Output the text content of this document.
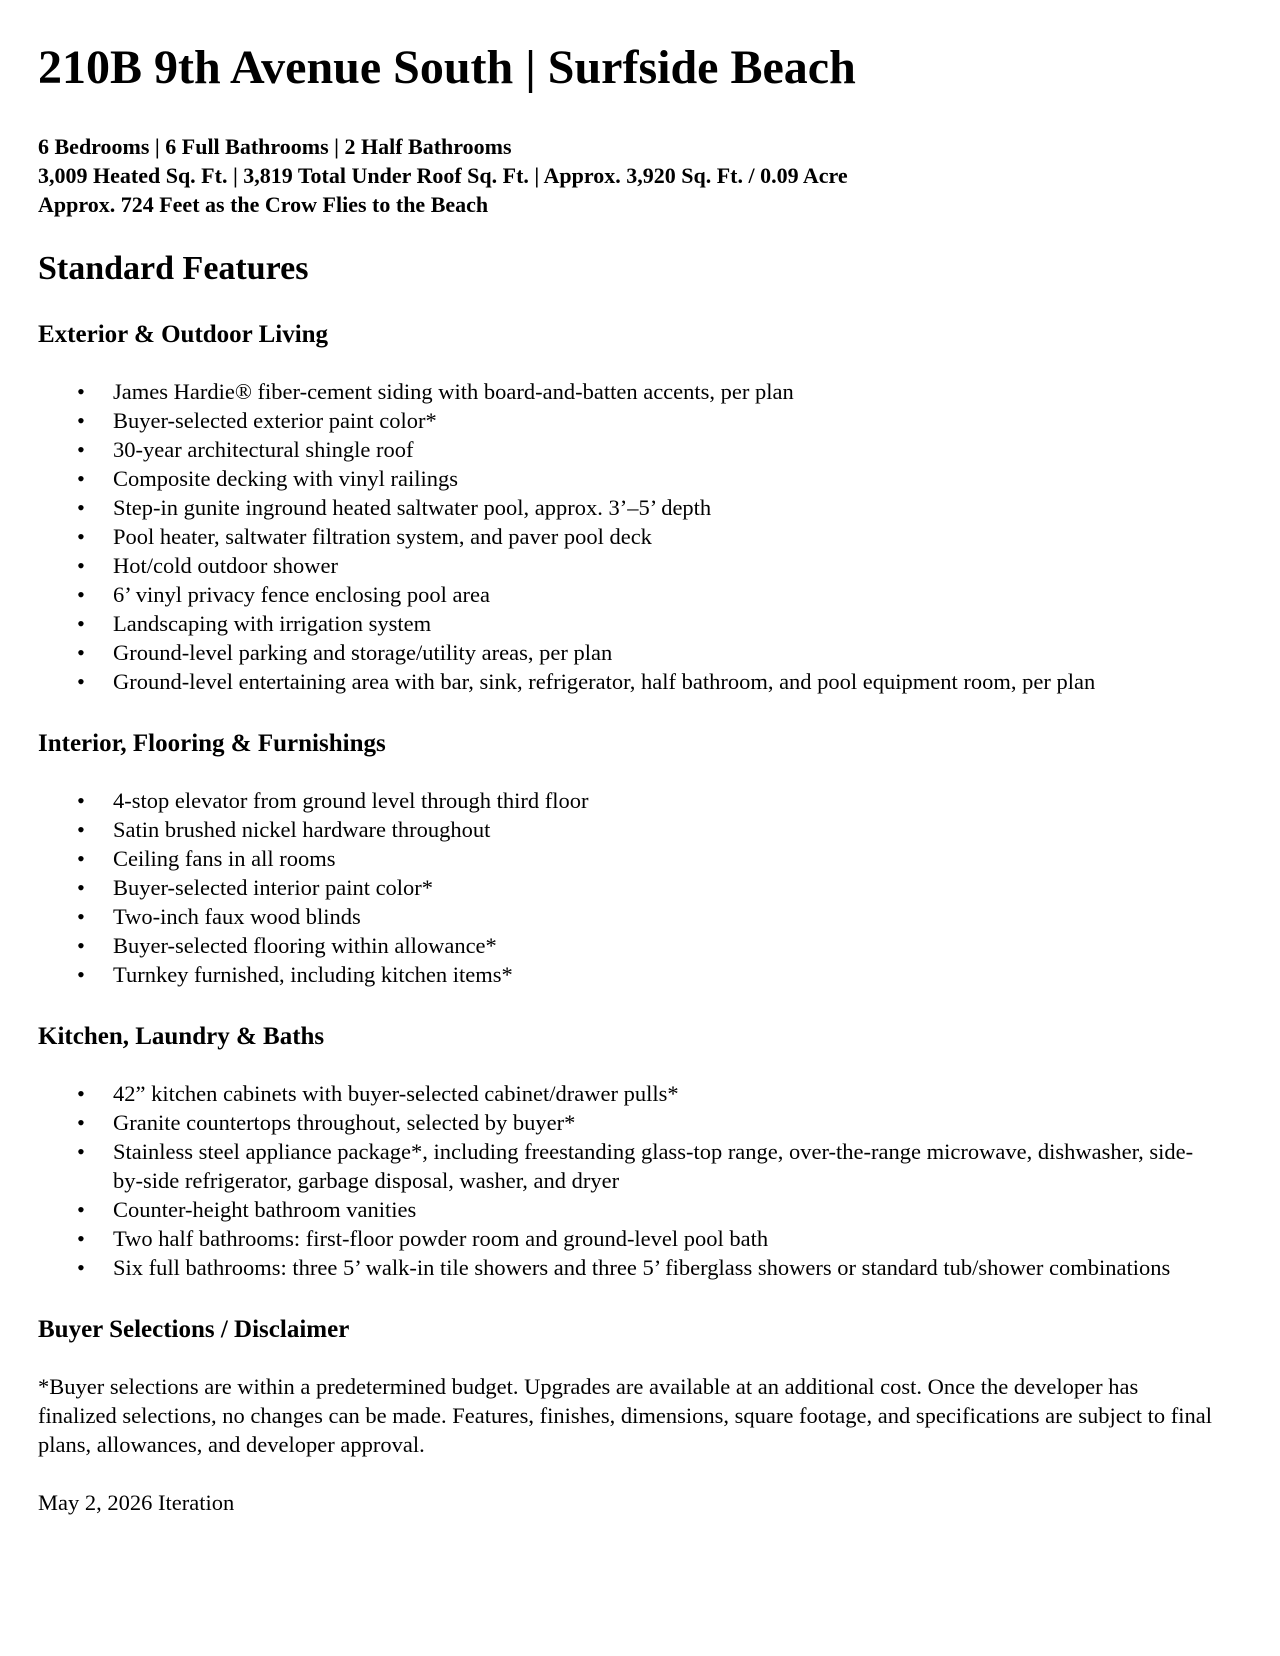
210B 9th Avenue South | Surfside Beach
6 Bedrooms | 6 Full Bathrooms | 2 Half Bathrooms
3,009 Heated Sq. Ft. | 3,819 Total Under Roof Sq. Ft. | Approx. 3,920 Sq. Ft. / 0.09 Acre
Approx. 724 Feet as the Crow Flies to the Beach
Standard Features
Exterior & Outdoor Living
• James Hardie® fiber-cement siding with board-and-batten accents, per plan
• Buyer-selected exterior paint color*
• 30-year architectural shingle roof
• Composite decking with vinyl railings
• Step-in gunite inground heated saltwater pool, approx. 3’–5’ depth
• Pool heater, saltwater filtration system, and paver pool deck
• Hot/cold outdoor shower
• 6’ vinyl privacy fence enclosing pool area
• Landscaping with irrigation system
• Ground-level parking and storage/utility areas, per plan
• Ground-level entertaining area with bar, sink, refrigerator, half bathroom, and pool equipment room, per plan
Interior, Flooring & Furnishings
• 4-stop elevator from ground level through third floor
• Satin brushed nickel hardware throughout
• Ceiling fans in all rooms
• Buyer-selected interior paint color*
• Two-inch faux wood blinds
• Buyer-selected flooring within allowance*
• Turnkey furnished, including kitchen items*
Kitchen, Laundry & Baths
• 42” kitchen cabinets with buyer-selected cabinet/drawer pulls*
• Granite countertops throughout, selected by buyer*
• Stainless steel appliance package*, including freestanding glass-top range, over-the-range microwave, dishwasher, side-by-side refrigerator, garbage disposal, washer, and dryer
• Counter-height bathroom vanities
• Two half bathrooms: first-floor powder room and ground-level pool bath
• Six full bathrooms: three 5’ walk-in tile showers and three 5’ fiberglass showers or standard tub/shower combinations
Buyer Selections / Disclaimer

*Buyer selections are within a predetermined budget. Upgrades are available at an additional cost. Once the developer has finalized selections, no changes can be made. Features, finishes, dimensions, square footage, and specifications are subject to final plans, allowances, and developer approval.

May 2, 2026 Iteration
